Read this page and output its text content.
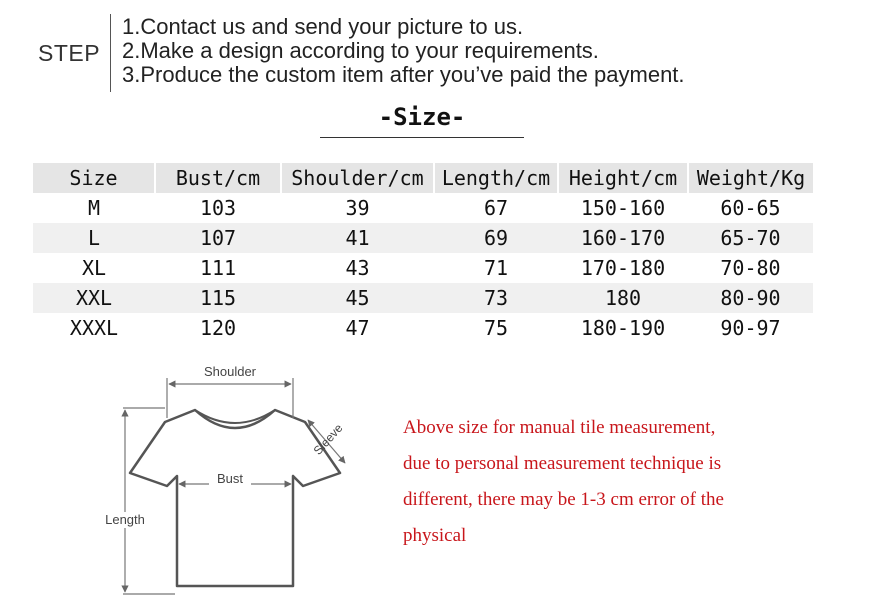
STEP
1.Contact us and send your picture to us.
2.Make a design according to your requirements.
3.Produce the custom item after you’ve paid the payment.
-Size-
Size	Bust/cm	Shoulder/cm	Length/cm	Height/cm	Weight/Kg
M	103	39	67	150-160	60-65
L	107	41	69	160-170	65-70
XL	111	43	71	170-180	70-80
XXL	115	45	73	180	80-90
XXXL	120	47	75	180-190	90-97
Shoulder
Bust
Length
Sleeve	Above size for manual tile measurement,
due to personal measurement technique is
different, there may be 1-3 cm error of the
physical
